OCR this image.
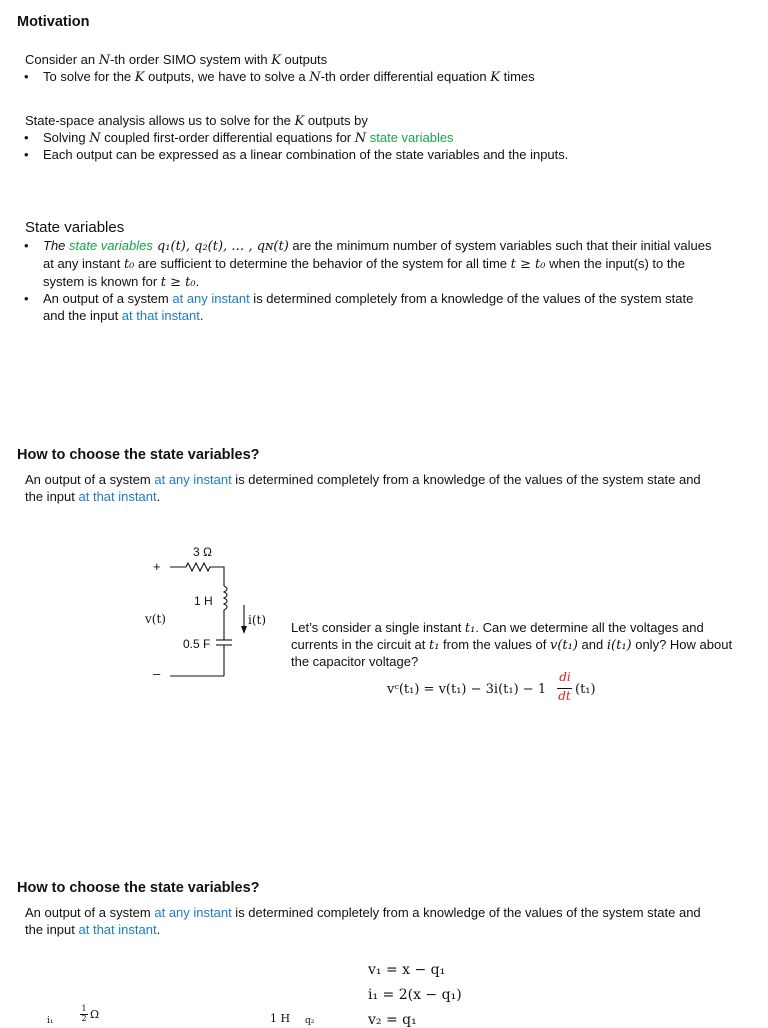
Motivation
Consider an N-th order SIMO system with K outputs
• To solve for the K outputs, we have to solve a N-th order differential equation K times
State-space analysis allows us to solve for the K outputs by
• Solving N coupled first-order differential equations for N state variables
• Each output can be expressed as a linear combination of the state variables and the inputs.
State variables
• The state variables q₁(t), q₂(t), … , qɴ(t) are the minimum number of system variables such that their initial values
at any instant t₀ are sufficient to determine the behavior of the system for all time t ≥ t₀ when the input(s) to the
system is known for t ≥ t₀.
• An output of a system at any instant is determined completely from a knowledge of the values of the system state
and the input at that instant.
How to choose the state variables?
An output of a system at any instant is determined completely from a knowledge of the values of the system state and
the input at that instant.
3 Ω
1 H
0.5 F
+
–
v(t)	i(t) Let’s consider a single instant t₁. Can we determine all the voltages and
currents in the circuit at t₁ from the values of v(t₁) and i(t₁) only? How about
the capacitor voltage?
vᶜ(t₁) = v(t₁) − 3i(t₁) − 1
di
dt (t₁)
How to choose the state variables?
An output of a system at any instant is determined completely from a knowledge of the values of the system state and
the input at that instant.
v₁ = x − q₁
i₁ = 2(x − q₁)
v₂ = q₁
i₁
1
2 Ω	1 H q₂
